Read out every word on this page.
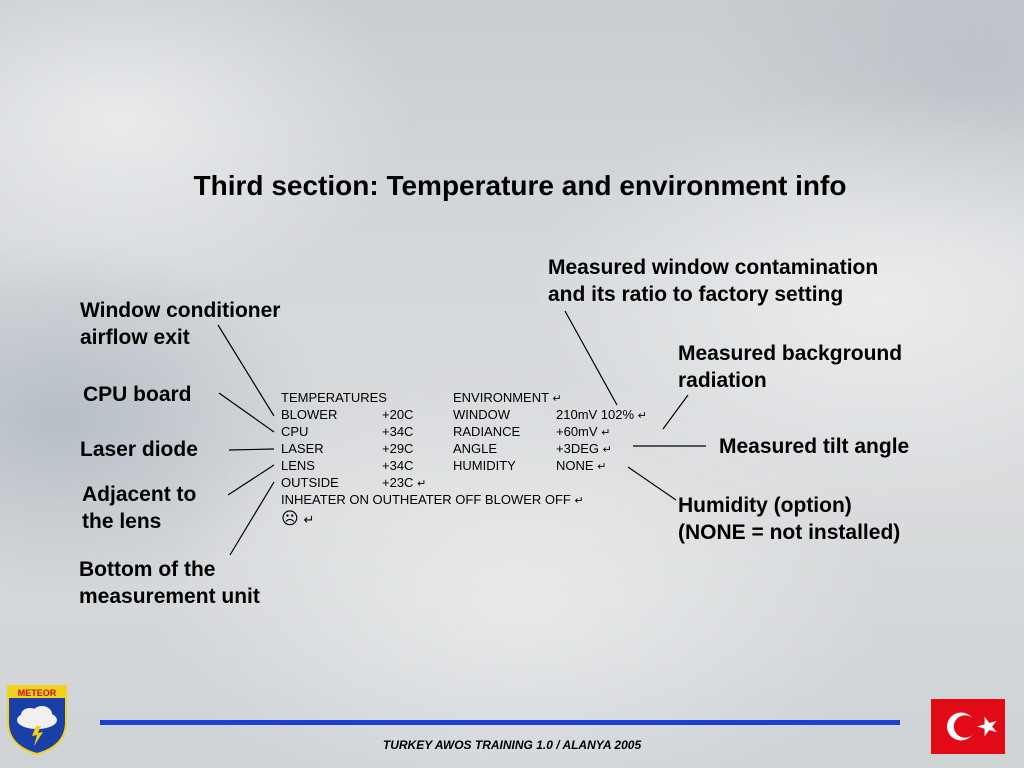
Third section: Temperature and environment info
Window conditioner
airflow exit
CPU board
Laser diode
Adjacent to
the lens
Bottom of the
measurement unit
Measured window contamination
and its ratio to factory setting
Measured background
radiation
Measured tilt angle
Humidity (option)
(NONE = not installed)
TEMPERATURES	ENVIRONMENT ↵
BLOWER	+20C	WINDOW	210mV 102% ↵
CPU	+34C	RADIANCE	+60mV ↵
LASER	+29C	ANGLE	+3DEG ↵
LENS	+34C	HUMIDITY	NONE ↵
OUTSIDE	+23C ↵
INHEATER ON OUTHEATER OFF BLOWER OFF ↵
☹ ↵
TURKEY AWOS TRAINING 1.0 / ALANYA 2005
METEOR
